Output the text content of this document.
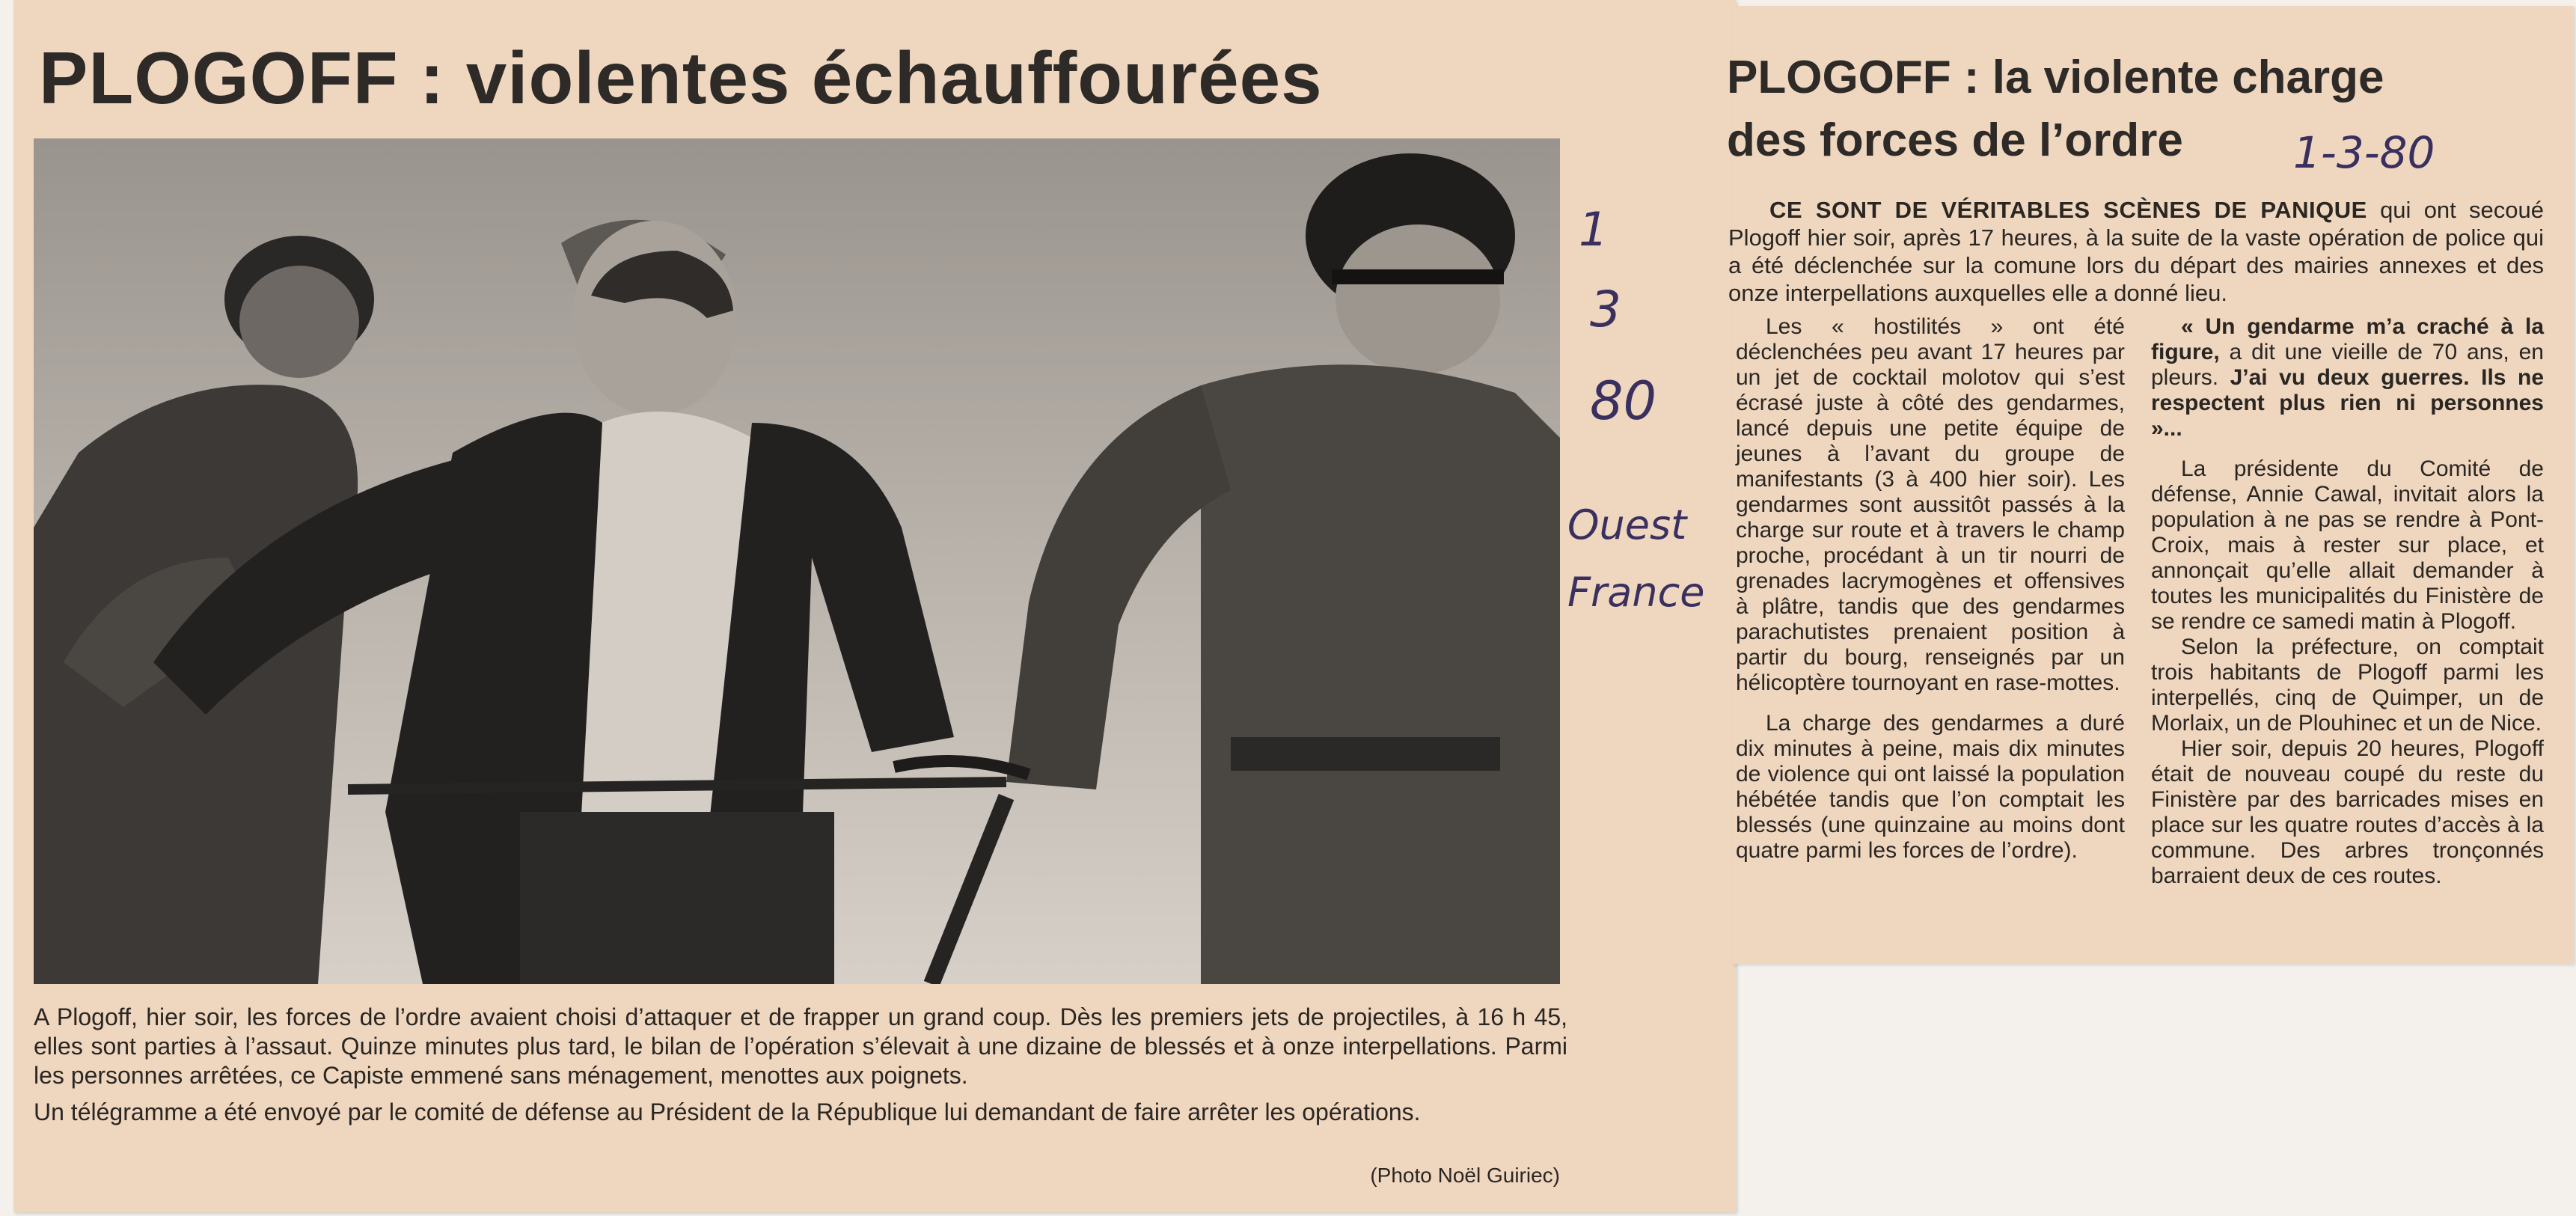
PLOGOFF : violentes échauffourées
1
3
80
Ouest
France
1-3-80

A Plogoff, hier soir, les forces de l’ordre avaient choisi d’attaquer et de frapper un grand coup. Dès les premiers jets de projectiles, à 16 h 45, elles sont parties à l’assaut. Quinze minutes plus tard, le bilan de l’opération s’élevait à une dizaine de blessés et à onze interpellations. Parmi les personnes arrêtées, ce Capiste emmené sans ménagement, menottes aux poignets.

Un télégramme a été envoyé par le comité de défense au Président de la République lui demandant de faire arrêter les opérations.

(Photo Noël Guiriec)
PLOGOFF : la violente charge
des forces de l’ordre
CE SONT DE VÉRITABLES SCÈNES DE PANIQUE qui ont secoué Plogoff hier soir, après 17 heures, à la suite de la vaste opération de police qui a été déclenchée sur la comune lors du départ des mairies annexes et des onze interpellations auxquelles elle a donné lieu.

Les « hostilités » ont été déclenchées peu avant 17 heures par un jet de cocktail molotov qui s’est écrasé juste à côté des gendarmes, lancé depuis une petite équipe de jeunes à l’avant du groupe de manifestants (3 à 400 hier soir). Les gendarmes sont aussitôt passés à la charge sur route et à travers le champ proche, procédant à un tir nourri de grenades lacrymogènes et offensives à plâtre, tandis que des gendarmes parachutistes prenaient position à partir du bourg, renseignés par un hélicoptère tournoyant en rase-mottes.

La charge des gendarmes a duré dix minutes à peine, mais dix minutes de violence qui ont laissé la population hébétée tandis que l’on comptait les blessés (une quinzaine au moins dont quatre parmi les forces de l’ordre).

« Un gendarme m’a craché à la figure, a dit une vieille de 70 ans, en pleurs. J’ai vu deux guerres. Ils ne respectent plus rien ni personnes »...

La présidente du Comité de défense, Annie Cawal, invitait alors la population à ne pas se rendre à Pont-Croix, mais à rester sur place, et annonçait qu’elle allait demander à toutes les municipalités du Finistère de se rendre ce samedi matin à Plogoff.

Selon la préfecture, on comptait trois habitants de Plogoff parmi les interpellés, cinq de Quimper, un de Morlaix, un de Plouhinec et un de Nice.

Hier soir, depuis 20 heures, Plogoff était de nouveau coupé du reste du Finistère par des barricades mises en place sur les quatre routes d’accès à la commune. Des arbres tronçonnés barraient deux de ces routes.
